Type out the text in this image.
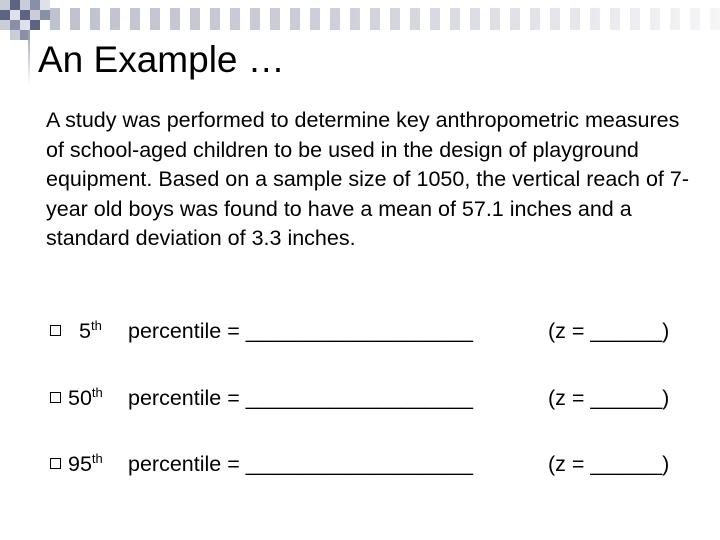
An Example …

A study was performed to determine key anthropometric measures of school-aged children to be used in the design of playground equipment. Based on a sample size of 1050, the vertical reach of 7-year old boys was found to have a mean of 57.1 inches and a standard deviation of 3.3 inches.

5th percentile = ___________________	(z = ______)
50th percentile = ___________________	(z = ______)
95th percentile = ___________________	(z = ______)
